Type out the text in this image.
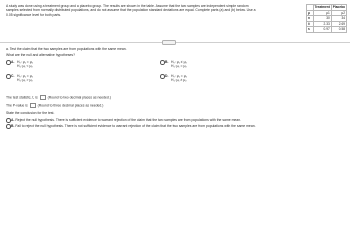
A study was done using a treatment group and a placebo group. The results are shown in the table. Assume that the two samples are independent simple random
samples selected from normally distributed populations, and do not assume that the population standard deviations are equal. Complete parts (a) and (b) below. Use a
0.05 significance level for both parts.
	Treatment	Placebo
μ	μ1	μ2
n	30	34
x̄	2.33	2.69
s	0.97	0.58
a. Test the claim that the two samples are from populations with the same mean.
What are the null and alternative hypotheses?
A. H₀: μ₁ = μ₂
H₁: μ₁ < μ₂
B. H₀: μ₁ ≠ μ₂
H₁: μ₁ = μ₂
C. H₀: μ₁ = μ₂
H₁: μ₁ > μ₂
D. H₀: μ₁ = μ₂
H₁: μ₁ ≠ μ₂
The test statistic, t, is	(Round to two decimal places as needed.)
The P-value is	(Round to three decimal places as needed.)
State the conclusion for the test.
A. Reject the null hypothesis. There is sufficient evidence to warrant rejection of the claim that the two samples are from populations with the same mean.
B. Fail to reject the null hypothesis. There is not sufficient evidence to warrant rejection of the claim that the two samples are from populations with the same mean.
